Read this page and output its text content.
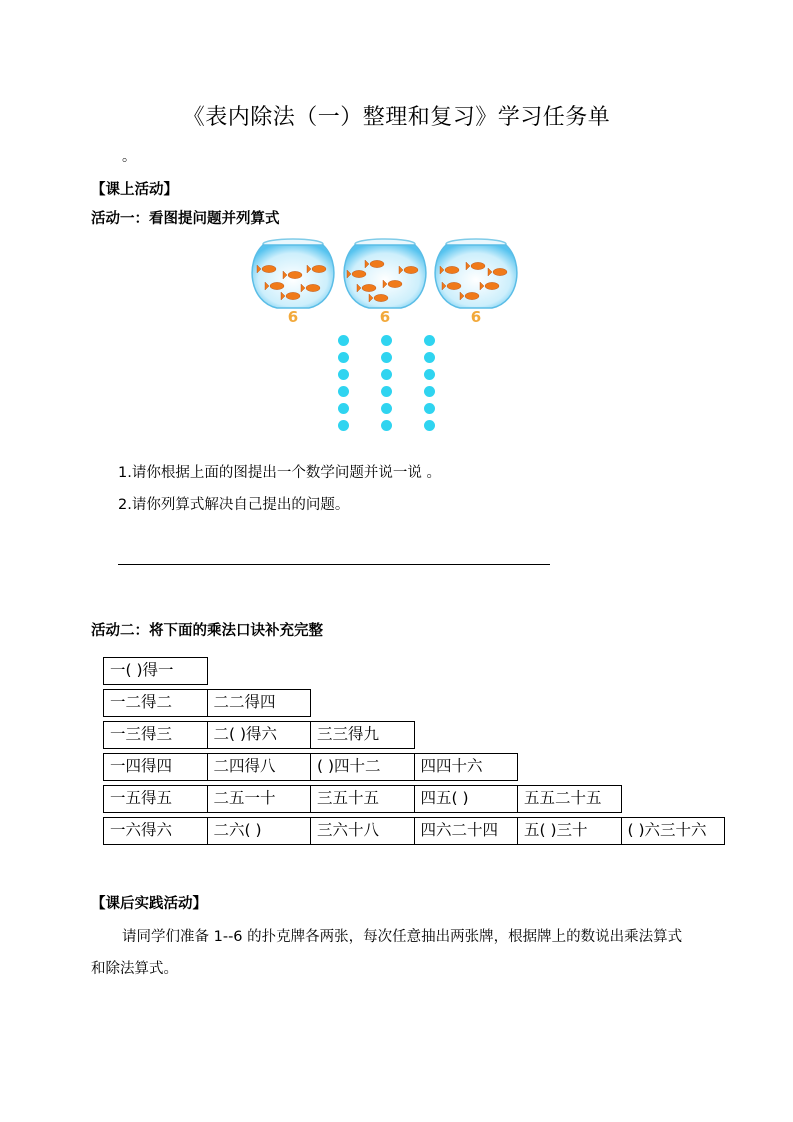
《表内除法（一）整理和复习》学习任务单
。
【课上活动】
活动一：看图提问题并列算式
6	6	6
1.请你根据上面的图提出一个数学问题并说一说 。
2.请你列算式解决自己提出的问题。
活动二：将下面的乘法口诀补充完整
一( )得一
一二得二	二二得四
一三得三	二( )得六	三三得九
一四得四	二四得八	( )四十二	四四十六
一五得五	二五一十	三五十五	四五( )	五五二十五
一六得六	二六( )	三六十八	四六二十四	五( )三十	( )六三十六
【课后实践活动】
请同学们准备 1--6 的扑克牌各两张，每次任意抽出两张牌，根据牌上的数说出乘法算式
和除法算式。
